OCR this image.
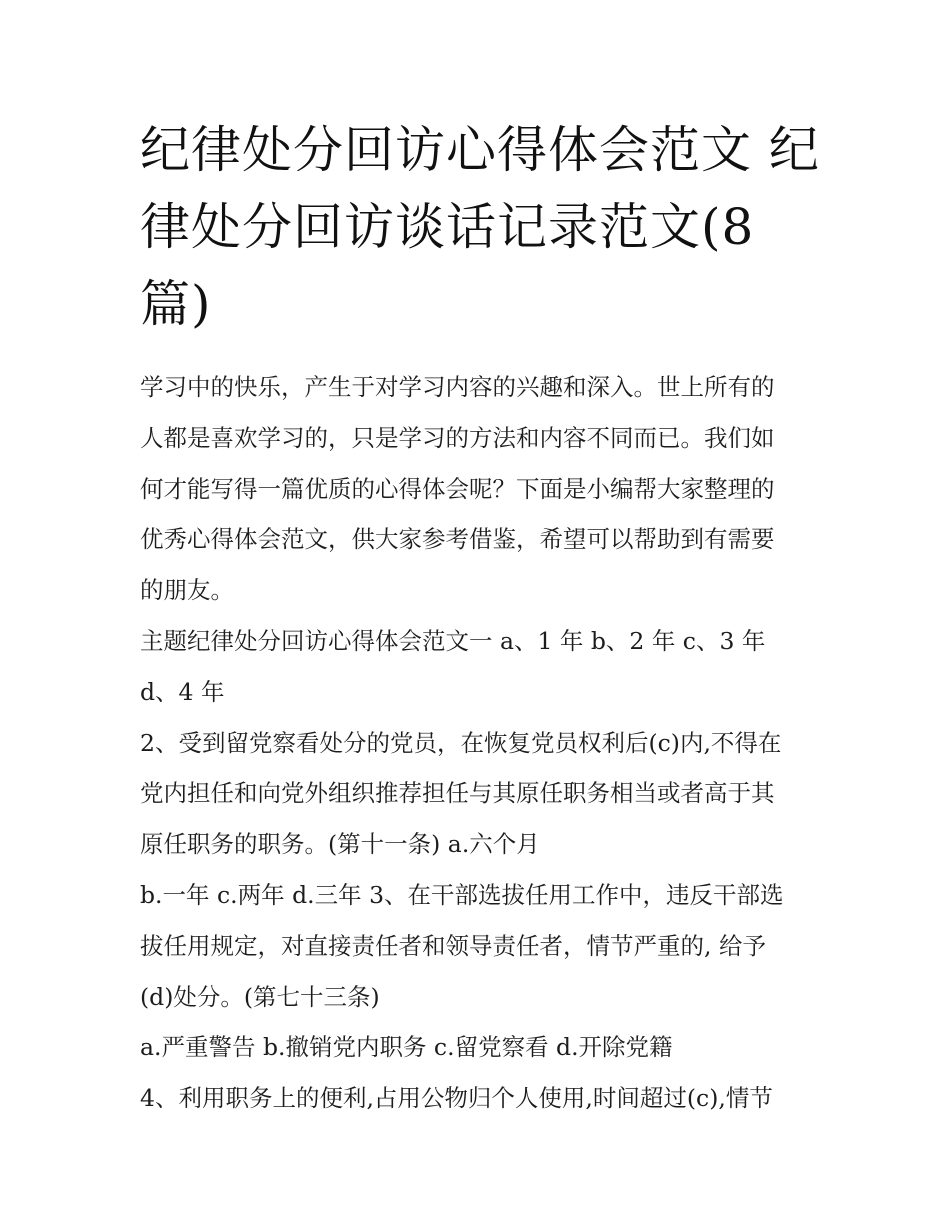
纪律处分回访心得体会范文 纪
律处分回访谈话记录范文(8
篇)
学习中的快乐，产生于对学习内容的兴趣和深入。世上所有的
人都是喜欢学习的，只是学习的方法和内容不同而已。我们如
何才能写得一篇优质的心得体会呢？下面是小编帮大家整理的
优秀心得体会范文，供大家参考借鉴，希望可以帮助到有需要
的朋友。
主题纪律处分回访心得体会范文一 a、1 年 b、2 年 c、3 年
d、4 年
2、受到留党察看处分的党员，在恢复党员权利后(c)内,不得在
党内担任和向党外组织推荐担任与其原任职务相当或者高于其
原任职务的职务。(第十一条) a.六个月
b.一年 c.两年 d.三年 3、在干部选拔任用工作中，违反干部选
拔任用规定，对直接责任者和领导责任者，情节严重的, 给予
(d)处分。(第七十三条)
a.严重警告 b.撤销党内职务 c.留党察看 d.开除党籍
4、利用职务上的便利,占用公物归个人使用,时间超过(c),情节
